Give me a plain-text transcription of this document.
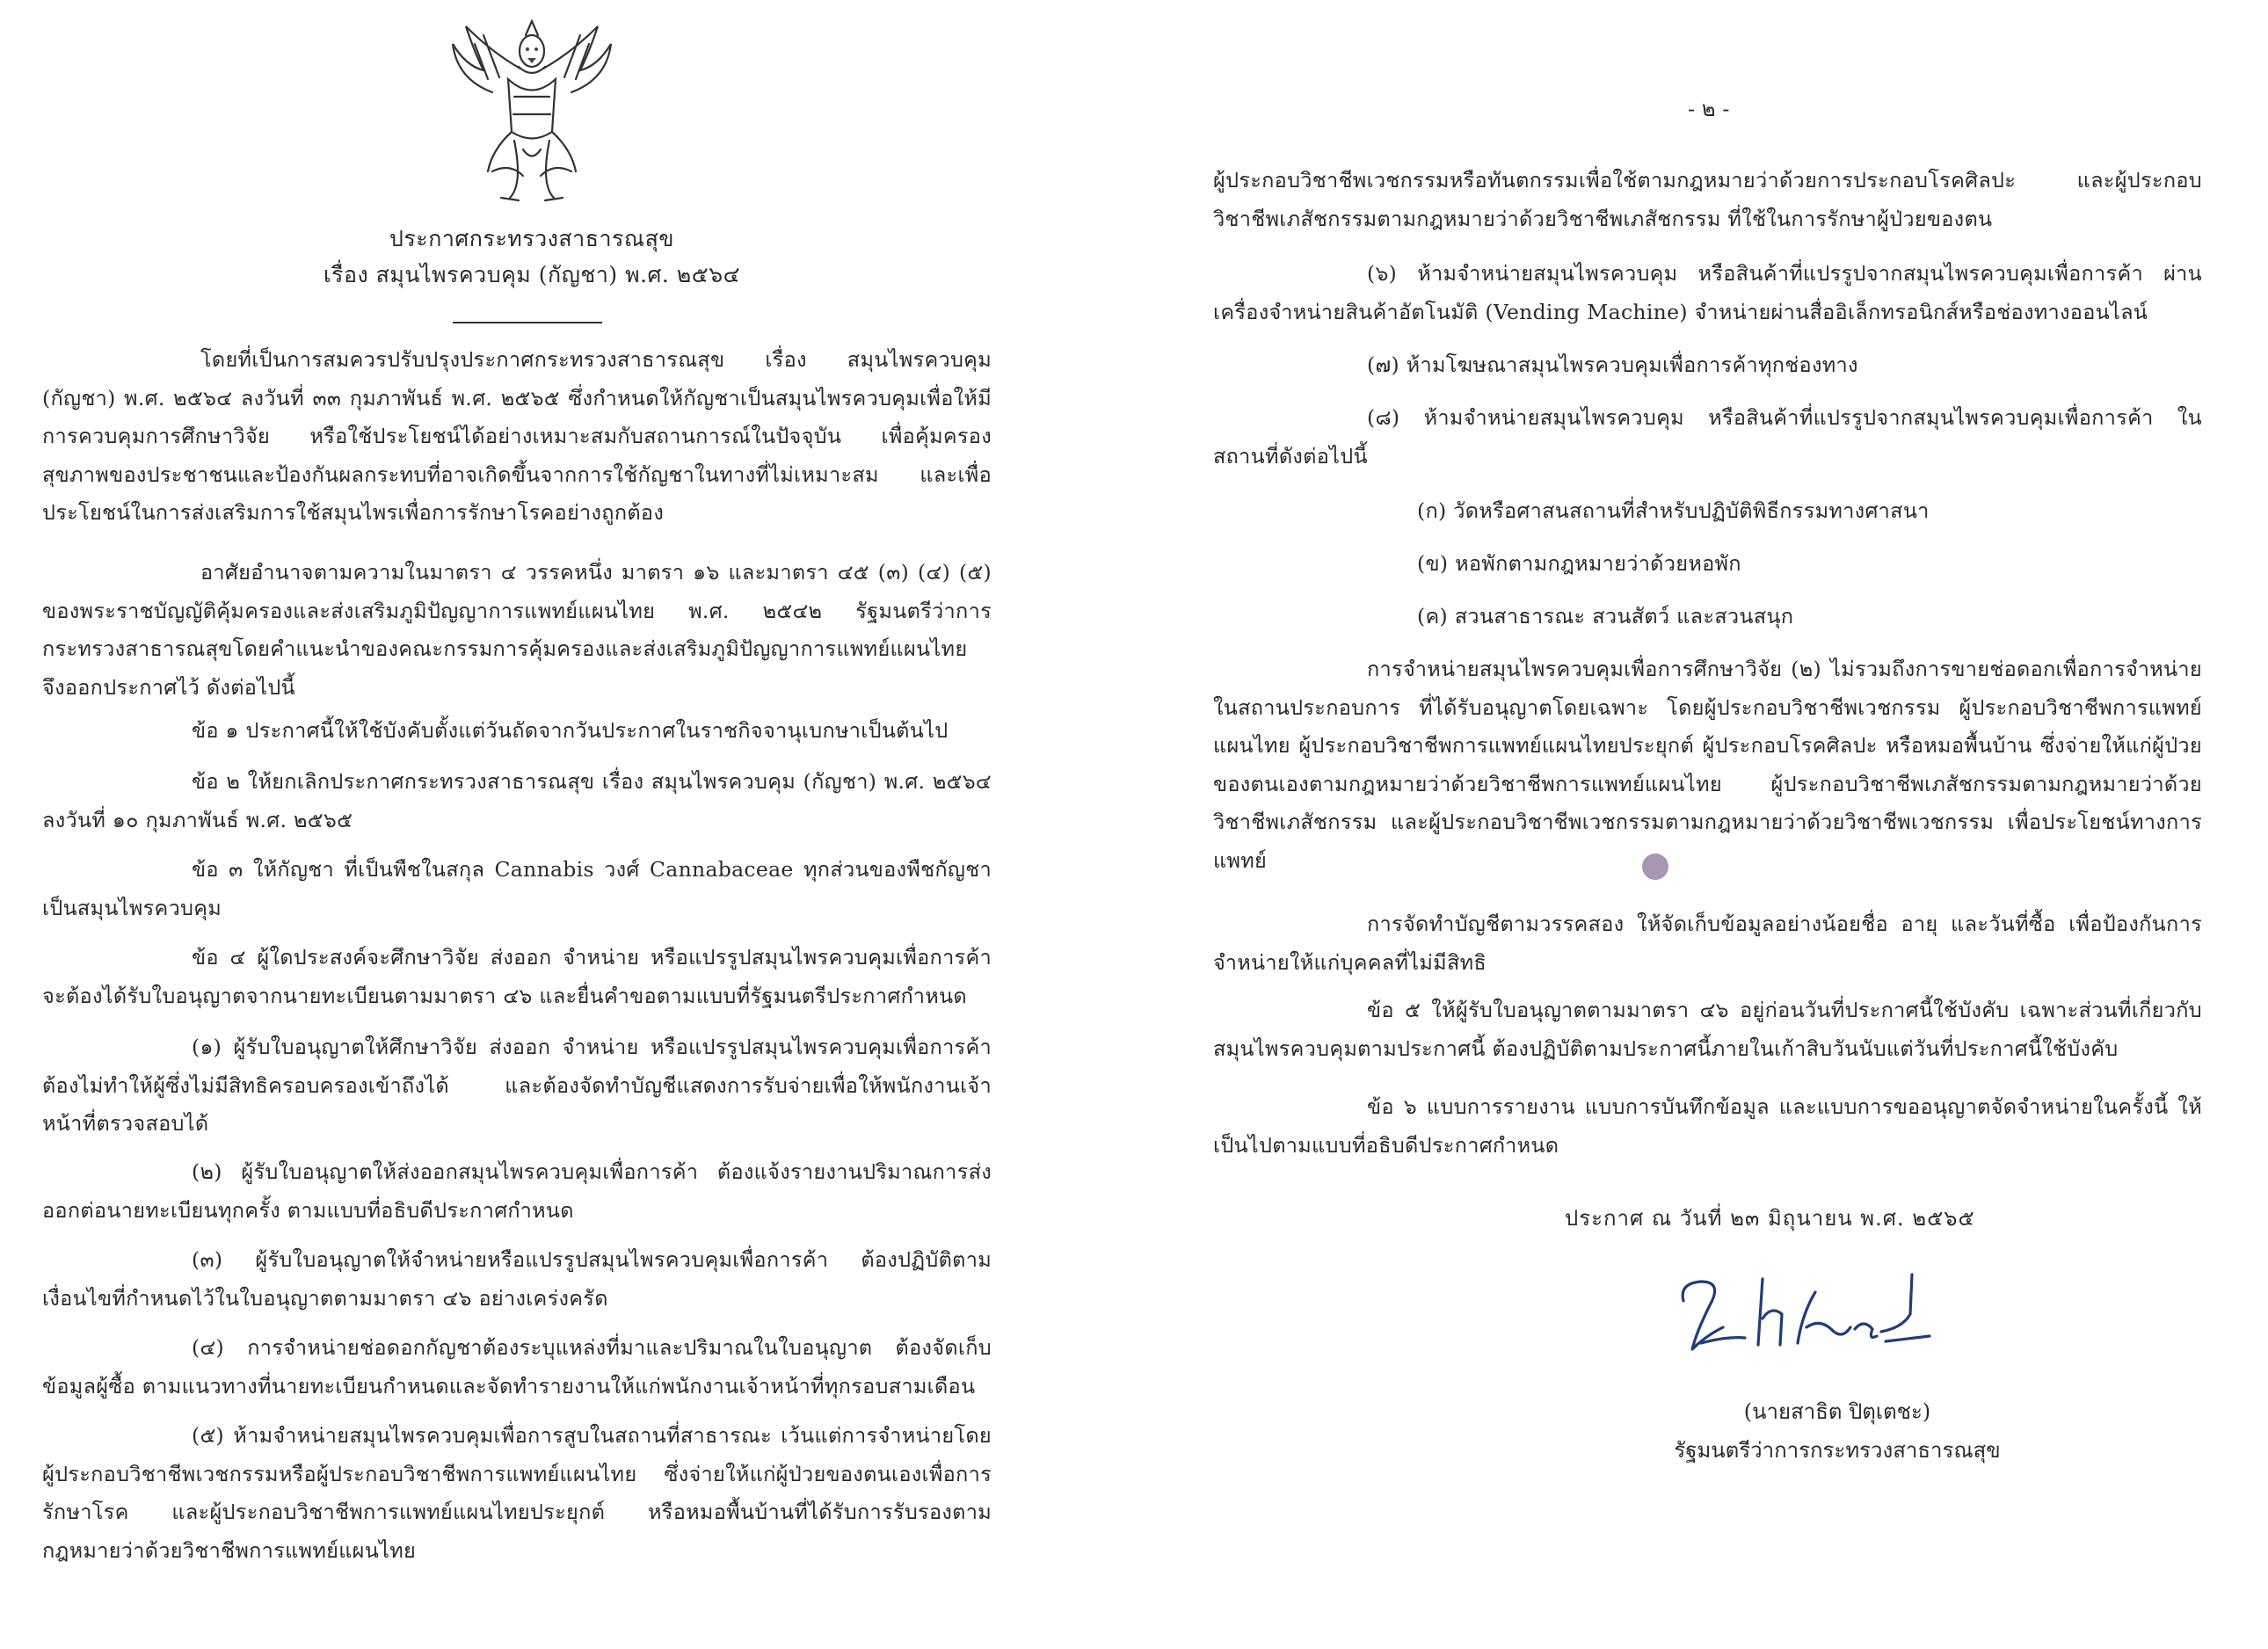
ประกาศกระทรวงสาธารณสุข
เรื่อง สมุนไพรควบคุม (กัญชา) พ.ศ. ๒๕๖๔

โดยที่เป็นการสมควรปรับปรุงประกาศกระทรวงสาธารณสุข เรื่อง สมุนไพรควบคุม (กัญชา) พ.ศ. ๒๕๖๔ ลงวันที่ ๓๓ กุมภาพันธ์ พ.ศ. ๒๕๖๕ ซึ่งกำหนดให้กัญชาเป็นสมุนไพรควบคุมเพื่อให้มีการควบคุมการศึกษาวิจัย หรือใช้ประโยชน์ได้อย่างเหมาะสมกับสถานการณ์ในปัจจุบัน เพื่อคุ้มครองสุขภาพของประชาชนและป้องกันผลกระทบที่อาจเกิดขึ้นจากการใช้กัญชาในทางที่ไม่เหมาะสม และเพื่อประโยชน์ในการส่งเสริมการใช้สมุนไพรเพื่อการรักษาโรคอย่างถูกต้อง

อาศัยอำนาจตามความในมาตรา ๔ วรรคหนึ่ง มาตรา ๑๖ และมาตรา ๔๕ (๓) (๔) (๕) ของพระราชบัญญัติคุ้มครองและส่งเสริมภูมิปัญญาการแพทย์แผนไทย พ.ศ. ๒๕๔๒ รัฐมนตรีว่าการกระทรวงสาธารณสุขโดยคำแนะนำของคณะกรรมการคุ้มครองและส่งเสริมภูมิปัญญาการแพทย์แผนไทย จึงออกประกาศไว้ ดังต่อไปนี้

ข้อ ๑ ประกาศนี้ให้ใช้บังคับตั้งแต่วันถัดจากวันประกาศในราชกิจจานุเบกษาเป็นต้นไป

ข้อ ๒ ให้ยกเลิกประกาศกระทรวงสาธารณสุข เรื่อง สมุนไพรควบคุม (กัญชา) พ.ศ. ๒๕๖๔ ลงวันที่ ๑๐ กุมภาพันธ์ พ.ศ. ๒๕๖๕

ข้อ ๓ ให้กัญชา ที่เป็นพืชในสกุล Cannabis วงศ์ Cannabaceae ทุกส่วนของพืชกัญชาเป็นสมุนไพรควบคุม

ข้อ ๔ ผู้ใดประสงค์จะศึกษาวิจัย ส่งออก จำหน่าย หรือแปรรูปสมุนไพรควบคุมเพื่อการค้า จะต้องได้รับใบอนุญาตจากนายทะเบียนตามมาตรา ๔๖ และยื่นคำขอตามแบบที่รัฐมนตรีประกาศกำหนด

(๑) ผู้รับใบอนุญาตให้ศึกษาวิจัย ส่งออก จำหน่าย หรือแปรรูปสมุนไพรควบคุมเพื่อการค้า ต้องไม่ทำให้ผู้ซึ่งไม่มีสิทธิครอบครองเข้าถึงได้ และต้องจัดทำบัญชีแสดงการรับจ่ายเพื่อให้พนักงานเจ้าหน้าที่ตรวจสอบได้

(๒) ผู้รับใบอนุญาตให้ส่งออกสมุนไพรควบคุมเพื่อการค้า ต้องแจ้งรายงานปริมาณการส่งออกต่อนายทะเบียนทุกครั้ง ตามแบบที่อธิบดีประกาศกำหนด

(๓) ผู้รับใบอนุญาตให้จำหน่ายหรือแปรรูปสมุนไพรควบคุมเพื่อการค้า ต้องปฏิบัติตามเงื่อนไขที่กำหนดไว้ในใบอนุญาตตามมาตรา ๔๖ อย่างเคร่งครัด

(๔) การจำหน่ายช่อดอกกัญชาต้องระบุแหล่งที่มาและปริมาณในใบอนุญาต ต้องจัดเก็บข้อมูลผู้ซื้อ ตามแนวทางที่นายทะเบียนกำหนดและจัดทำรายงานให้แก่พนักงานเจ้าหน้าที่ทุกรอบสามเดือน

(๕) ห้ามจำหน่ายสมุนไพรควบคุมเพื่อการสูบในสถานที่สาธารณะ เว้นแต่การจำหน่ายโดยผู้ประกอบวิชาชีพเวชกรรมหรือผู้ประกอบวิชาชีพการแพทย์แผนไทย ซึ่งจ่ายให้แก่ผู้ป่วยของตนเองเพื่อการรักษาโรค และผู้ประกอบวิชาชีพการแพทย์แผนไทยประยุกต์ หรือหมอพื้นบ้านที่ได้รับการรับรองตามกฎหมายว่าด้วยวิชาชีพการแพทย์แผนไทย

- ๒ -

ผู้ประกอบวิชาชีพเวชกรรมหรือทันตกรรมเพื่อใช้ตามกฎหมายว่าด้วยการประกอบโรคศิลปะ และผู้ประกอบวิชาชีพเภสัชกรรมตามกฎหมายว่าด้วยวิชาชีพเภสัชกรรม ที่ใช้ในการรักษาผู้ป่วยของตน

(๖) ห้ามจำหน่ายสมุนไพรควบคุม หรือสินค้าที่แปรรูปจากสมุนไพรควบคุมเพื่อการค้า ผ่านเครื่องจำหน่ายสินค้าอัตโนมัติ (Vending Machine) จำหน่ายผ่านสื่ออิเล็กทรอนิกส์หรือช่องทางออนไลน์

(๗) ห้ามโฆษณาสมุนไพรควบคุมเพื่อการค้าทุกช่องทาง

(๘) ห้ามจำหน่ายสมุนไพรควบคุม หรือสินค้าที่แปรรูปจากสมุนไพรควบคุมเพื่อการค้า ในสถานที่ดังต่อไปนี้

(ก) วัดหรือศาสนสถานที่สำหรับปฏิบัติพิธีกรรมทางศาสนา

(ข) หอพักตามกฎหมายว่าด้วยหอพัก

(ค) สวนสาธารณะ สวนสัตว์ และสวนสนุก

การจำหน่ายสมุนไพรควบคุมเพื่อการศึกษาวิจัย (๒) ไม่รวมถึงการขายช่อดอกเพื่อการจำหน่ายในสถานประกอบการ ที่ได้รับอนุญาตโดยเฉพาะ โดยผู้ประกอบวิชาชีพเวชกรรม ผู้ประกอบวิชาชีพการแพทย์แผนไทย ผู้ประกอบวิชาชีพการแพทย์แผนไทยประยุกต์ ผู้ประกอบโรคศิลปะ หรือหมอพื้นบ้าน ซึ่งจ่ายให้แก่ผู้ป่วยของตนเองตามกฎหมายว่าด้วยวิชาชีพการแพทย์แผนไทย ผู้ประกอบวิชาชีพเภสัชกรรมตามกฎหมายว่าด้วยวิชาชีพเภสัชกรรม และผู้ประกอบวิชาชีพเวชกรรมตามกฎหมายว่าด้วยวิชาชีพเวชกรรม เพื่อประโยชน์ทางการแพทย์

การจัดทำบัญชีตามวรรคสอง ให้จัดเก็บข้อมูลอย่างน้อยชื่อ อายุ และวันที่ซื้อ เพื่อป้องกันการจำหน่ายให้แก่บุคคลที่ไม่มีสิทธิ

ข้อ ๕ ให้ผู้รับใบอนุญาตตามมาตรา ๔๖ อยู่ก่อนวันที่ประกาศนี้ใช้บังคับ เฉพาะส่วนที่เกี่ยวกับสมุนไพรควบคุมตามประกาศนี้ ต้องปฏิบัติตามประกาศนี้ภายในเก้าสิบวันนับแต่วันที่ประกาศนี้ใช้บังคับ

ข้อ ๖ แบบการรายงาน แบบการบันทึกข้อมูล และแบบการขออนุญาตจัดจำหน่ายในครั้งนี้ ให้เป็นไปตามแบบที่อธิบดีประกาศกำหนด

ประกาศ ณ วันที่ ๒๓ มิถุนายน พ.ศ. ๒๕๖๕
(นายสาธิต ปิตุเตชะ)
รัฐมนตรีว่าการกระทรวงสาธารณสุข
